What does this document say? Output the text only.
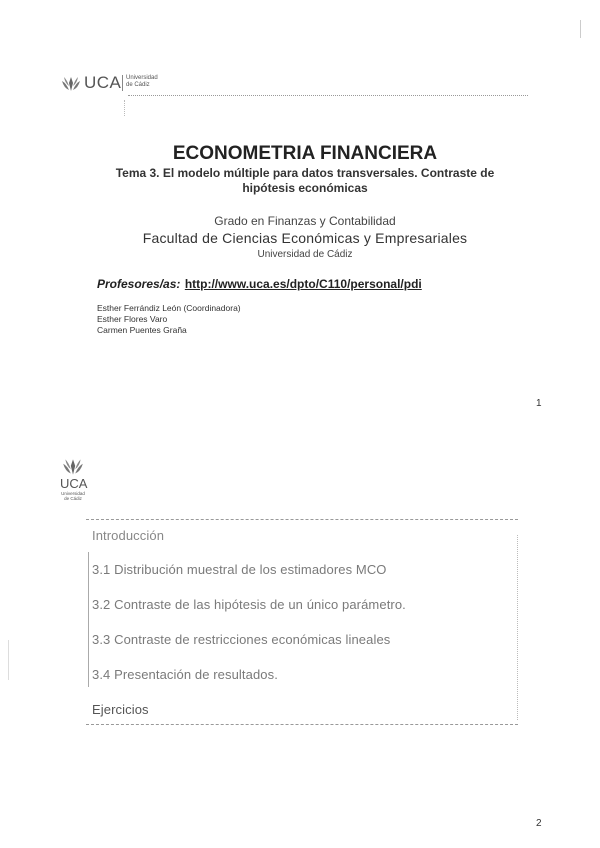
UCA Universidad
de Cádiz
ECONOMETRIA FINANCIERA
Tema 3. El modelo múltiple para datos transversales. Contraste de
hipótesis económicas
Grado en Finanzas y Contabilidad
Facultad de Ciencias Económicas y Empresariales
Universidad de Cádiz
Profesores/as: http://www.uca.es/dpto/C110/personal/pdi
Esther Ferrándiz León (Coordinadora)
Esther Flores Varo
Carmen Puentes Graña
1
UCA
Universidad
de Cádiz
Introducción
3.1 Distribución muestral de los estimadores MCO
3.2 Contraste de las hipótesis de un único parámetro.
3.3 Contraste de restricciones económicas lineales
3.4 Presentación de resultados.
Ejercicios
2
